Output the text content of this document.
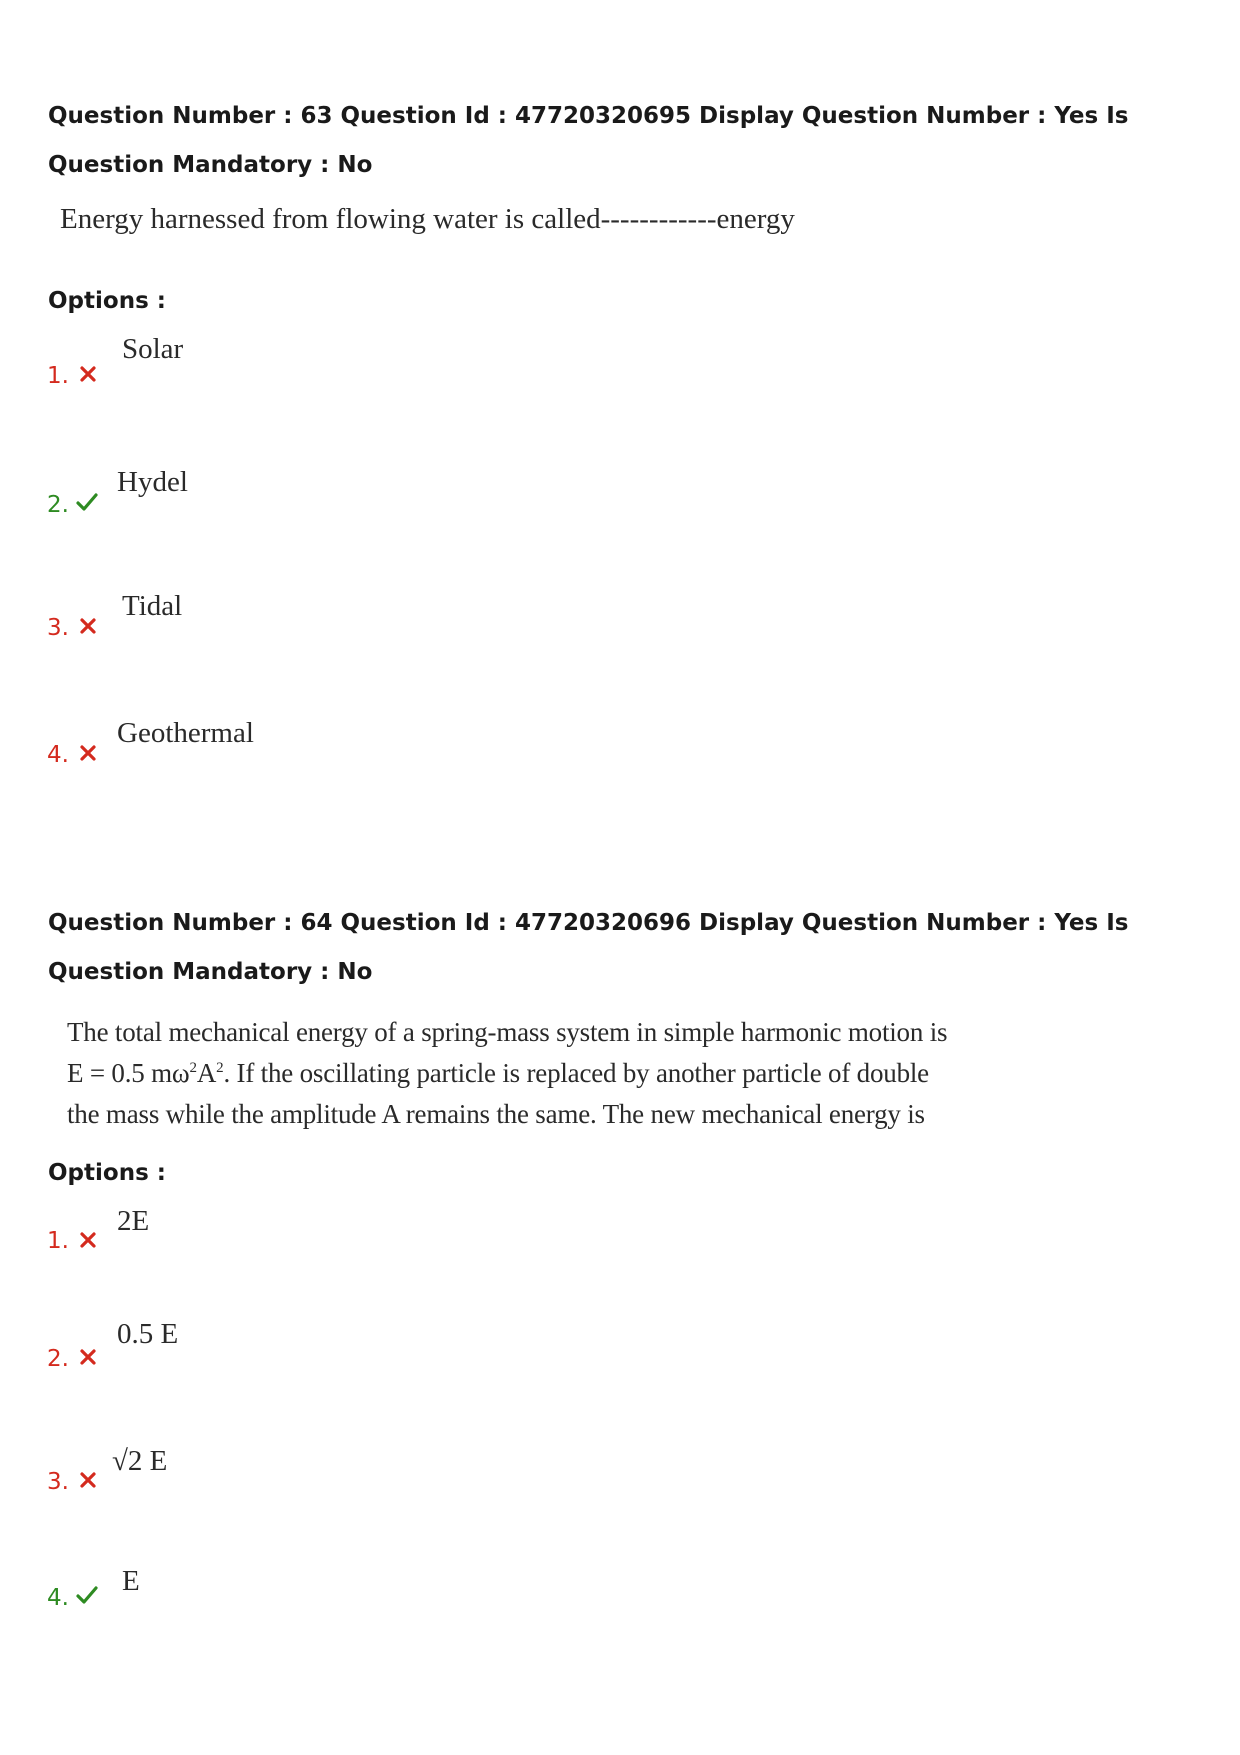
Question Number : 63 Question Id : 47720320695 Display Question Number : Yes Is Question Mandatory : No
Energy harnessed from flowing water is called------------energy
Options :
1.
Solar
2.
Hydel
3.
Tidal
4.
Geothermal
Question Number : 64 Question Id : 47720320696 Display Question Number : Yes Is Question Mandatory : No
The total mechanical energy of a spring-mass system in simple harmonic motion is
E = 0.5 $m\omega^2A^2$. If the oscillating particle is replaced by another particle of double
the mass while the amplitude A remains the same. The new mechanical energy is
Options :
1.
2E
2.
0.5 E
3.
√2 E
4.
E
